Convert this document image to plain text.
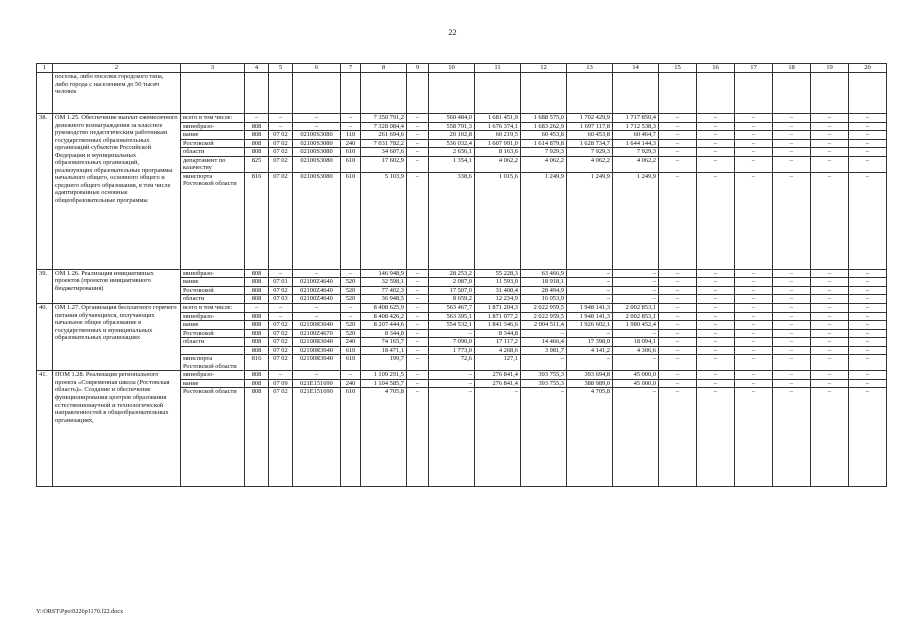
22
1	2	3	4	5	6	7	8	9	10	11	12	13	14	15	16	17	18	19	20
	поселка, либо поселки городского типа, либо города с населением до 50 тысяч человек																		
38.	ОМ 1.25. Обеспечение выплат ежемесячного денежного вознаграждения за классное руководство педагогическим работникам государственных образовательных организаций субъектов Российской Федерации и муниципальных образовательных организаций, реализующих образовательные программы начального общего, основного общего и среднего общего образования, в том числе адаптированные основные общеобразовательные программы	всего в том числе:	–	–	–	–	7 350 791,2	–	560 484,0	1 681 451,9	1 688 575,0	1 702 429,9	1 717 850,4	–	–	–	–	–	–
		минобразо-	808	–	–	–	7 328 084,4	–	558 791,3	1 676 374,1	1 683 262,9	1 697 117,8	1 712 538,3	–	–	–	–	–	–
		вание	808	07 02	02100S3080	110	261 694,6	–	20 102,8	60 219,5	60 453,8	60 453,8	60 464,7	–	–	–	–	–	–
		Ростовской	808	07 02	02100S3080	240	7 031 782,2	–	536 032,4	1 607 991,0	1 614 879,8	1 628 734,7	1 644 144,3	–	–	–	–	–	–
		области	808	07 02	02100S3080	610	34 607,6	–	2 656,1	8 163,6	7 929,3	7 929,3	7 929,3	–	–	–	–	–	–
		департамент по казачеству	825	07 02	02100S3080	610	17 602,9	–	1 354,1	4 062,2	4 062,2	4 062,2	4 062,2	–	–	–	–	–	–
		минспорта Ростовской области	816	07 02	02100S3080	610	5 103,9	–	338,6	1 015,6	1 249,9	1 249,9	1 249,9	–	–	–	–	–	–
39.	ОМ 1.26. Реализация инициативных проектов (проектов инициативного бюджетирования)	минобразо-	808	–	–	–	146 948,9	–	28 253,2	55 228,3	63 466,9	–	–	–	–	–	–	–	–
		вание	808	07 01	02100Z4640	520	32 598,1	–	2 087,0	11 593,0	18 918,1	–	–	–	–	–	–	–	–
		Ростовской	808	07 02	02100Z4640	520	77 402,3	–	17 507,0	31 400,4	28 494,9	–	–	–	–	–	–	–	–
		области	808	07 03	02100Z4640	520	36 948,5	–	8 659,2	12 234,9	16 053,9	–	–	–	–	–	–	–	–
40.	ОМ 1.27. Организация бесплатного горячего питания обучающихся, получающих начальное общее образование в государственных и муниципальных образовательных организациях	всего в том числе:	–	–	–	–	8 408 625,9	–	563 467,7	1 871 204,3	2 022 959,5	1 948 141,3	2 002 853,1	–	–	–	–	–	–
		минобразо-	808	–	–	–	8 408 426,2	–	563 395,1	1 871 077,2	2 022 959,5	1 948 141,3	2 002 853,1	–	–	–	–	–	–
		вание	808	07 02	02100R3040	520	8 207 444,6	–	554 532,1	1 841 346,6	2 004 511,4	1 926 602,1	1 980 452,4	–	–	–	–	–	–
		Ростовской	808	07 02	02100Z4670	520	8 344,8	–	–	8 344,8	–	–	–	–	–	–	–	–	–
		области	808	07 02	02100R3040	240	74 165,7	–	7 090,0	17 117,2	14 466,4	17 398,0	18 094,1	–	–	–	–	–	–
			808	07 02	02100R3040	610	18 471,1	–	1 773,0	4 268,6	3 981,7	4 141,2	4 306,6	–	–	–	–	–	–
		минспорта Ростовской области	816	07 02	02100R3040	610	199,7	–	72,6	127,1	–	–	–	–	–	–	–	–	–
41.	ПОМ 1.28. Реализация регионального проекта «Современная школа (Ростовская область)». Создание и обеспечение функционирования центров образования естественнонаучной и технологической направленностей в общеобразовательных организациях,	минобразо-	808	–	–	–	1 109 291,5	–	–	276 841,4	393 755,3	393 694,8	45 000,0	–	–	–	–	–	–
		вание	808	07 09	021E151690	240	1 104 585,7	–	–	276 841,4	393 755,3	388 989,0	45 000,0	–	–	–	–	–	–
		Ростовской области	808	07 02	021E151690	610	4 705,8	–	–	–	–	4 705,8	–	–	–	–	–	–	–
Y:\ORST\Ppo\0226p1170.f22.docx
